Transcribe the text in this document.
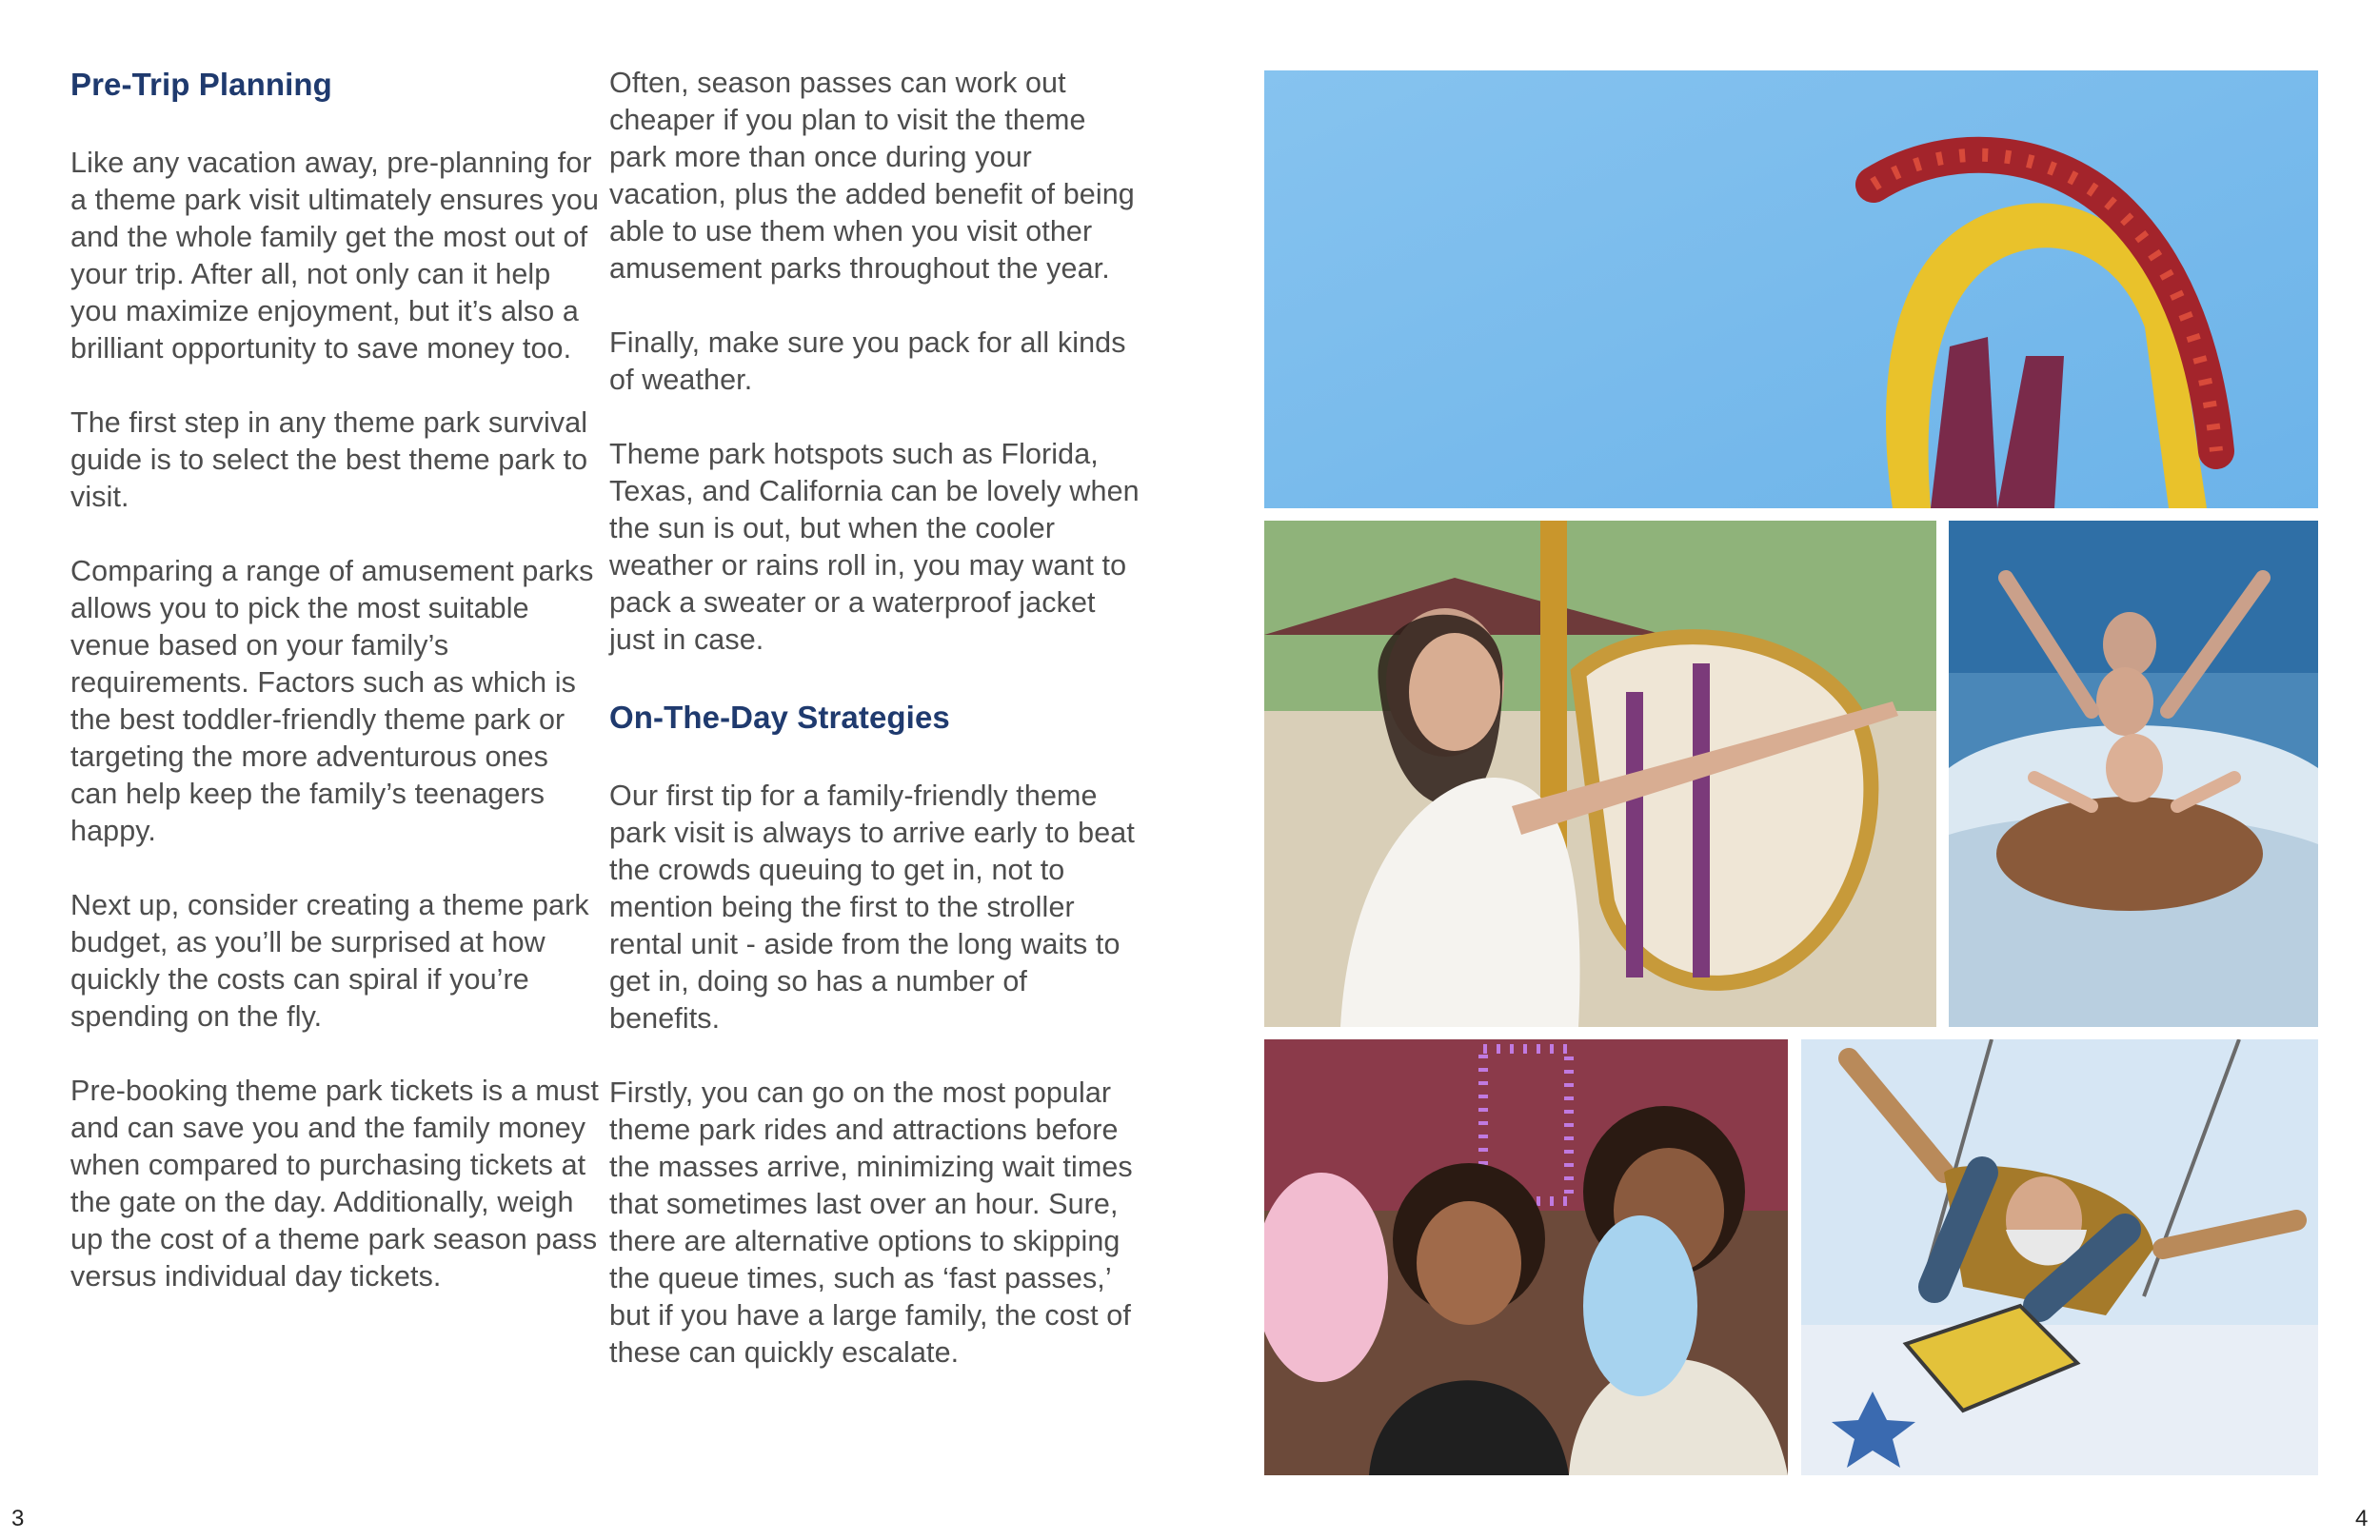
Pre-Trip Planning

Like any vacation away, pre-planning for a theme park visit ultimately ensures you and the whole family get the most out of your trip. After all, not only can it help you maximize enjoyment, but it’s also a brilliant opportunity to save money too.

The first step in any theme park survival guide is to select the best theme park to visit.

Comparing a range of amusement parks allows you to pick the most suitable venue based on your family’s requirements. Factors such as which is the best toddler-friendly theme park or targeting the more adventurous ones can help keep the family’s teenagers happy.

Next up, consider creating a theme park budget, as you’ll be surprised at how quickly the costs can spiral if you’re spending on the fly.

Pre-booking theme park tickets is a must and can save you and the family money when compared to purchasing tickets at the gate on the day. Additionally, weigh up the cost of a theme park season pass versus individual day tickets.

Often, season passes can work out cheaper if you plan to visit the theme park more than once during your vacation, plus the added benefit of being able to use them when you visit other amusement parks throughout the year.

Finally, make sure you pack for all kinds of weather.

Theme park hotspots such as Florida, Texas, and California can be lovely when the sun is out, but when the cooler weather or rains roll in, you may want to pack a sweater or a waterproof jacket just in case.

On-The-Day Strategies

Our first tip for a family-friendly theme park visit is always to arrive early to beat the crowds queuing to get in, not to mention being the first to the stroller rental unit - aside from the long waits to get in, doing so has a number of benefits.

Firstly, you can go on the most popular theme park rides and attractions before the masses arrive, minimizing wait times that sometimes last over an hour. Sure, there are alternative options to skipping the queue times, such as ‘fast passes,’ but if you have a large family, the cost of these can quickly escalate.

3	4
